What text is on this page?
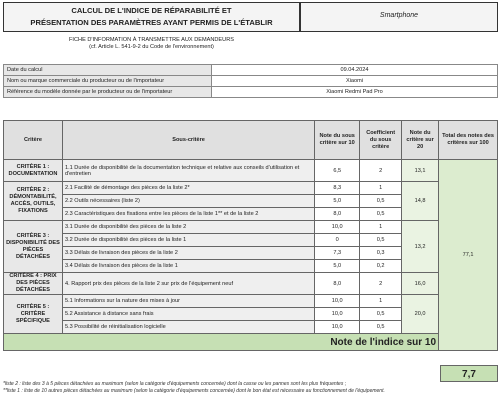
CALCUL DE L'INDICE DE RÉPARABILITÉ ET
PRÉSENTATION DES PARAMÈTRES AYANT PERMIS DE L'ÉTABLIR
Smartphone
FICHE D'INFORMATION À TRANSMETTRE AUX DEMANDEURS
(cf. Article L. 541-9-2 du Code de l'environnement)
Date du calcul	09.04.2024
Nom ou marque commerciale du producteur ou de l'importateur	Xiaomi
Référence du modèle donnée par le producteur ou de l'importateur	Xiaomi Redmi Pad Pro
Critère	Sous-critère	Note du sous critère sur 10	Coefficient du sous critère	Note du critère sur 20	Total des notes des critères sur 100
CRITÈRE 1 : DOCUMENTATION	1.1 Durée de disponibilité de la documentation technique et relative aux conseils d'utilisation et d'entretien	6,5	2	13,1	77,1
CRITÈRE 2 : DÉMONTABILITÉ, ACCÈS, OUTILS, FIXATIONS	2.1 Facilité de démontage des pièces de la liste 2*	8,3	1	14,8	
	2.2 Outils nécessaires (liste 2)	5,0	0,5		
	2.3 Caractéristiques des fixations entre les pièces de la liste 1** et de la liste 2	8,0	0,5		
CRITÈRE 3 : DISPONIBILITÉ DES PIÈCES DÉTACHÉES	3.1 Durée de disponibilité des pièces de la liste 2	10,0	1	13,2	
	3.2 Durée de disponibilité des pièces de la liste 1	0	0,5		
	3.3 Délais de livraison des pièces de la liste 2	7,3	0,3		
	3.4 Délais de livraison des pièces de la liste 1	5,0	0,2		
CRITÈRE 4 : PRIX DES PIÈCES DÉTACHÉES	4. Rapport prix des pièces de la liste 2 sur prix de l'équipement neuf	8,0	2	16,0	
CRITÈRE 5 : CRITÈRE SPÉCIFIQUE	5.1 Informations sur la nature des mises à jour	10,0	1	20,0	
	5.2 Assistance à distance sans frais	10,0	0,5		
	5.3 Possibilité de réinitialisation logicielle	10,0	0,5		
Note de l'indice sur 10					
7,7
*liste 2 : liste des 3 à 5 pièces détachées au maximum (selon la catégorie d'équipements concernée) dont la casse ou les pannes sont les plus fréquentes ;
**liste 1 : liste de 10 autres pièces détachées au maximum (selon la catégorie d'équipements concernée) dont le bon état est nécessaire au fonctionnement de l'équipement.
